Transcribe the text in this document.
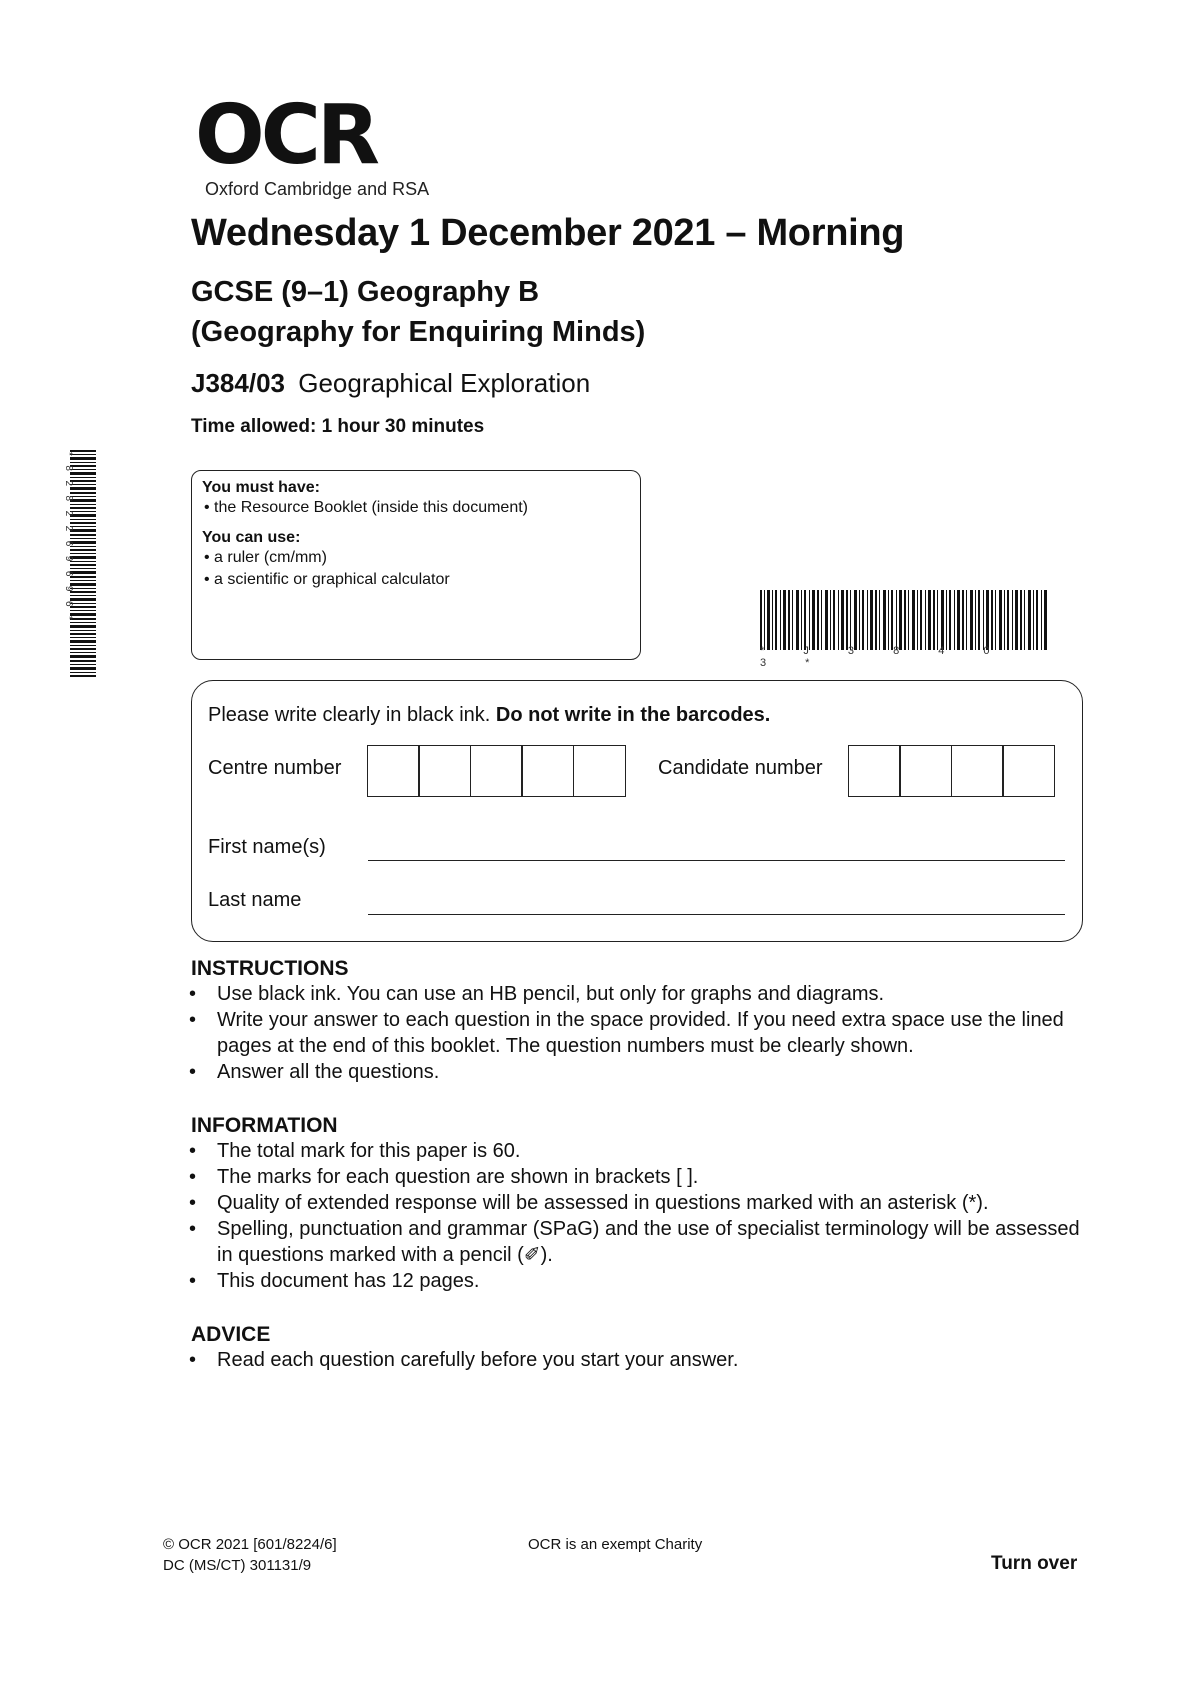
OCR
Oxford Cambridge and RSA
Wednesday 1 December 2021 – Morning
GCSE (9–1) Geography B
(Geography for Enquiring Minds)
J384/03 Geographical Exploration
Time allowed: 1 hour 30 minutes
*8282269696*	You must have:
• the Resource Booklet (inside this document)
You can use:
• a ruler (cm/mm)
• a scientific or graphical calculator
* J 3 8 4 0 3 *
Please write clearly in black ink. Do not write in the barcodes.
Centre number	Candidate number
First name(s)
Last name
INSTRUCTIONS
•	Use black ink. You can use an HB pencil, but only for graphs and diagrams.
•	Write your answer to each question in the space provided. If you need extra space use the lined pages at the end of this booklet. The question numbers must be clearly shown.
•	Answer all the questions.
INFORMATION
•	The total mark for this paper is 60.
•	The marks for each question are shown in brackets [ ].
•	Quality of extended response will be assessed in questions marked with an asterisk (*).
•	Spelling, punctuation and grammar (SPaG) and the use of specialist terminology will be assessed in questions marked with a pencil (✐).
•	This document has 12 pages.
ADVICE
•	Read each question carefully before you start your answer.
© OCR 2021 [601/8224/6]
DC (MS/CT) 301131/9
OCR is an exempt Charity
Turn over
